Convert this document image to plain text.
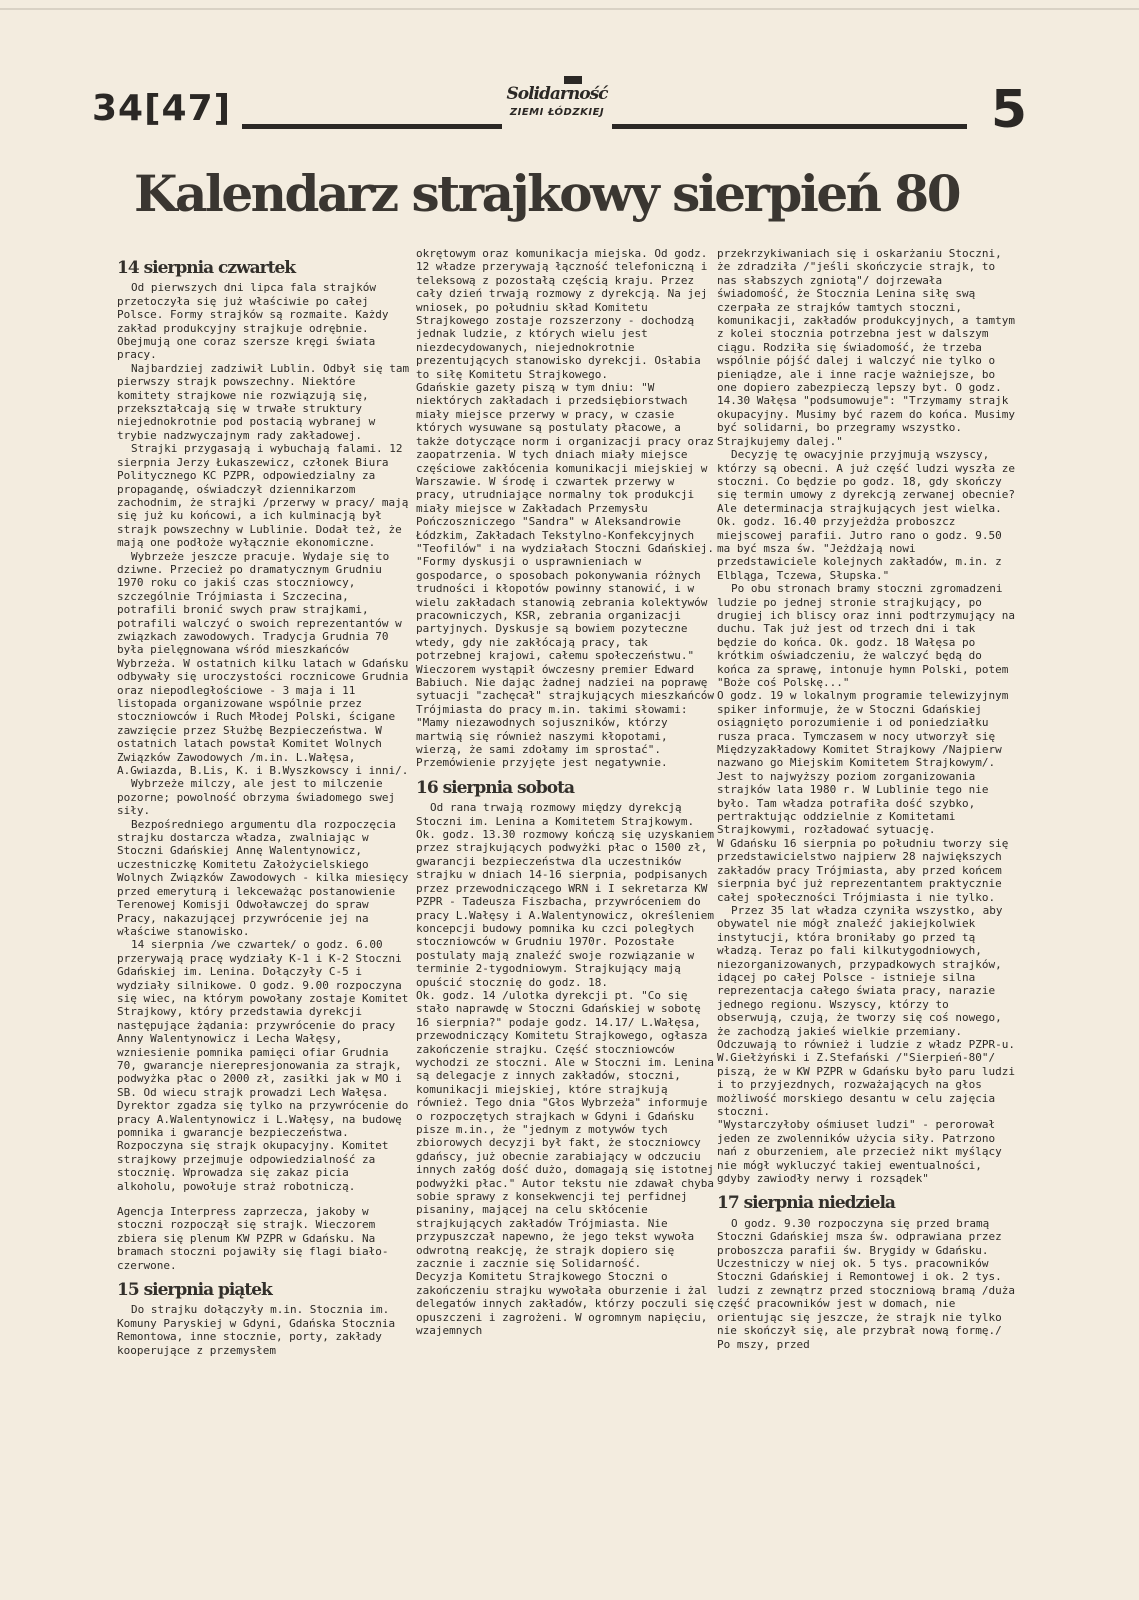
34[47]	Solidarność
ZIEMI ŁÓDZKIEJ	5
Kalendarz strajkowy sierpień 80
14 sierpnia czwartek

Od pierwszych dni lipca fala strajków przetoczyła się już właściwie po całej Polsce. Formy strajków są rozmaite. Każdy zakład produkcyjny strajkuje odrębnie. Obejmują one coraz szersze kręgi świata pracy.

Najbardziej zadziwił Lublin. Odbył się tam pierwszy strajk powszechny. Niektóre komitety strajkowe nie rozwiązują się, przekształcają się w trwałe struktury niejednokrotnie pod postacią wybranej w trybie nadzwyczajnym rady zakładowej.

Strajki przygasają i wybuchają falami. 12 sierpnia Jerzy Łukaszewicz, członek Biura Politycznego KC PZPR, odpowiedzialny za propagandę, oświadczył dziennikarzom zachodnim, że strajki /przerwy w pracy/ mają się już ku końcowi, a ich kulminacją był strajk powszechny w Lublinie. Dodał też, że mają one podłoże wyłącznie ekonomiczne.

Wybrzeże jeszcze pracuje. Wydaje się to dziwne. Przecież po dramatycznym Grudniu 1970 roku co jakiś czas stoczniowcy, szczególnie Trójmiasta i Szczecina, potrafili bronić swych praw strajkami, potrafili walczyć o swoich reprezentantów w związkach zawodowych. Tradycja Grudnia 70 była pielęgnowana wśród mieszkańców Wybrzeża. W ostatnich kilku latach w Gdańsku odbywały się uroczystości rocznicowe Grudnia oraz niepodległościowe - 3 maja i 11 listopada organizowane wspólnie przez stoczniowców i Ruch Młodej Polski, ścigane zawzięcie przez Służbę Bezpieczeństwa. W ostatnich latach powstał Komitet Wolnych Związków Zawodowych /m.in. L.Wałęsa, A.Gwiazda, B.Lis, K. i B.Wyszkowscy i inni/.

Wybrzeże milczy, ale jest to milczenie pozorne; powolność obrzyma świadomego swej siły.

Bezpośredniego argumentu dla rozpoczęcia strajku dostarcza władza, zwalniając w Stoczni Gdańskiej Annę Walentynowicz, uczestniczkę Komitetu Założycielskiego Wolnych Związków Zawodowych - kilka miesięcy przed emeryturą i lekceważąc postanowienie Terenowej Komisji Odwoławczej do spraw Pracy, nakazującej przywrócenie jej na właściwe stanowisko.

14 sierpnia /we czwartek/ o godz. 6.00 przerywają pracę wydziały K-1 i K-2 Stoczni Gdańskiej im. Lenina. Dołączyły C-5 i wydziały silnikowe. O godz. 9.00 rozpoczyna się wiec, na którym powołany zostaje Komitet Strajkowy, który przedstawia dyrekcji następujące żądania: przywrócenie do pracy Anny Walentynowicz i Lecha Wałęsy, wzniesienie pomnika pamięci ofiar Grudnia 70, gwarancje nierepresjonowania za strajk, podwyżka płac o 2000 zł, zasiłki jak w MO i SB. Od wiecu strajk prowadzi Lech Wałęsa. Dyrektor zgadza się tylko na przywrócenie do pracy A.Walentynowicz i L.Wałęsy, na budowę pomnika i gwarancje bezpieczeństwa. Rozpoczyna się strajk okupacyjny. Komitet strajkowy przejmuje odpowiedzialność za stocznię. Wprowadza się zakaz picia alkoholu, powołuje straż robotniczą.

Agencja Interpress zaprzecza, jakoby w stoczni rozpoczął się strajk. Wieczorem zbiera się plenum KW PZPR w Gdańsku. Na bramach stoczni pojawiły się flagi biało-czerwone.

15 sierpnia piątek

Do strajku dołączyły m.in. Stocznia im. Komuny Paryskiej w Gdyni, Gdańska Stocznia Remontowa, inne stocznie, porty, zakłady kooperujące z przemysłem

okrętowym oraz komunikacja miejska. Od godz. 12 władze przerywają łączność telefoniczną i teleksową z pozostałą częścią kraju. Przez cały dzień trwają rozmowy z dyrekcją. Na jej wniosek, po południu skład Komitetu Strajkowego zostaje rozszerzony - dochodzą jednak ludzie, z których wielu jest niezdecydowanych, niejednokrotnie prezentujących stanowisko dyrekcji. Osłabia to siłę Komitetu Strajkowego.

Gdańskie gazety piszą w tym dniu: "W niektórych zakładach i przedsiębiorstwach miały miejsce przerwy w pracy, w czasie których wysuwane są postulaty płacowe, a także dotyczące norm i organizacji pracy oraz zaopatrzenia. W tych dniach miały miejsce częściowe zakłócenia komunikacji miejskiej w Warszawie. W środę i czwartek przerwy w pracy, utrudniające normalny tok produkcji miały miejsce w Zakładach Przemysłu Pończoszniczego "Sandra" w Aleksandrowie Łódzkim, Zakładach Tekstylno-Konfekcyjnych "Teofilów" i na wydziałach Stoczni Gdańskiej. "Formy dyskusji o usprawnieniach w gospodarce, o sposobach pokonywania różnych trudności i kłopotów powinny stanowić, i w wielu zakładach stanowią zebrania kolektywów pracowniczych, KSR, zebrania organizacji partyjnych. Dyskusje są bowiem pozyteczne wtedy, gdy nie zakłócają pracy, tak potrzebnej krajowi, całemu społeczeństwu."

Wieczorem wystąpił ówczesny premier Edward Babiuch. Nie dając żadnej nadziei na poprawę sytuacji "zachęcał" strajkujących mieszkańców Trójmiasta do pracy m.in. takimi słowami: "Mamy niezawodnych sojuszników, którzy martwią się również naszymi kłopotami, wierzą, że sami zdołamy im sprostać". Przemówienie przyjęte jest negatywnie.

16 sierpnia sobota

Od rana trwają rozmowy między dyrekcją Stoczni im. Lenina a Komitetem Strajkowym. Ok. godz. 13.30 rozmowy kończą się uzyskaniem przez strajkujących podwyżki płac o 1500 zł, gwarancji bezpieczeństwa dla uczestników strajku w dniach 14-16 sierpnia, podpisanych przez przewodniczącego WRN i I sekretarza KW PZPR - Tadeusza Fiszbacha, przywróceniem do pracy L.Wałęsy i A.Walentynowicz, określeniem koncepcji budowy pomnika ku czci poległych stoczniowców w Grudniu 1970r. Pozostałe postulaty mają znaleźć swoje rozwiązanie w terminie 2-tygodniowym. Strajkujący mają opuścić stocznię do godz. 18.

Ok. godz. 14 /ulotka dyrekcji pt. "Co się stało naprawdę w Stoczni Gdańskiej w sobotę 16 sierpnia?" podaje godz. 14.17/ L.Wałęsa, przewodniczący Komitetu Strajkowego, ogłasza zakończenie strajku. Część stoczniowców wychodzi ze stoczni. Ale w Stoczni im. Lenina są delegacje z innych zakładów, stoczni, komunikacji miejskiej, które strajkują również. Tego dnia "Głos Wybrzeża" informuje o rozpoczętych strajkach w Gdyni i Gdańsku pisze m.in., że "jednym z motywów tych zbiorowych decyzji był fakt, że stoczniowcy gdańscy, już obecnie zarabiający w odczuciu innych załóg dość dużo, domagają się istotnej podwyżki płac." Autor tekstu nie zdawał chyba sobie sprawy z konsekwencji tej perfidnej pisaniny, mającej na celu skłócenie strajkujących zakładów Trójmiasta. Nie przypuszczał napewno, że jego tekst wywoła odwrotną reakcję, że strajk dopiero się zacznie i zacznie się Solidarność.

Decyzja Komitetu Strajkowego Stoczni o zakończeniu strajku wywołała oburzenie i żal delegatów innych zakładów, którzy poczuli się opuszczeni i zagrożeni. W ogromnym napięciu, wzajemnych

przekrzykiwaniach się i oskarżaniu Stoczni, że zdradziła /"jeśli skończycie strajk, to nas słabszych zgniotą"/ dojrzewała świadomość, że Stocznia Lenina siłę swą czerpała ze strajków tamtych stoczni, komunikacji, zakładów produkcyjnych, a tamtym z kolei stocznia potrzebna jest w dalszym ciągu. Rodziła się świadomość, że trzeba wspólnie pójść dalej i walczyć nie tylko o pieniądze, ale i inne racje ważniejsze, bo one dopiero zabezpieczą lepszy byt. O godz. 14.30 Wałęsa "podsumowuje": "Trzymamy strajk okupacyjny. Musimy być razem do końca. Musimy być solidarni, bo przegramy wszystko. Strajkujemy dalej."

Decyzję tę owacyjnie przyjmują wszyscy, którzy są obecni. A już część ludzi wyszła ze stoczni. Co będzie po godz. 18, gdy skończy się termin umowy z dyrekcją zerwanej obecnie? Ale determinacja strajkujących jest wielka. Ok. godz. 16.40 przyjeżdża proboszcz miejscowej parafii. Jutro rano o godz. 9.50 ma być msza św. "Jeżdżają nowi przedstawiciele kolejnych zakładów, m.in. z Elbląga, Tczewa, Słupska."

Po obu stronach bramy stoczni zgromadzeni ludzie po jednej stronie strajkujący, po drugiej ich bliscy oraz inni podtrzymujący na duchu. Tak już jest od trzech dni i tak będzie do końca. Ok. godz. 18 Wałęsa po krótkim oświadczeniu, że walczyć będą do końca za sprawę, intonuje hymn Polski, potem "Boże coś Polskę..."

O godz. 19 w lokalnym programie telewizyjnym spiker informuje, że w Stoczni Gdańskiej osiągnięto porozumienie i od poniedziałku rusza praca. Tymczasem w nocy utworzył się Międzyzakładowy Komitet Strajkowy /Najpierw nazwano go Miejskim Komitetem Strajkowym/. Jest to najwyższy poziom zorganizowania strajków lata 1980 r. W Lublinie tego nie było. Tam władza potrafiła dość szybko, pertraktując oddzielnie z Komitetami Strajkowymi, rozładować sytuację.

W Gdańsku 16 sierpnia po południu tworzy się przedstawicielstwo najpierw 28 największych zakładów pracy Trójmiasta, aby przed końcem sierpnia być już reprezentantem praktycznie całej społeczności Trójmiasta i nie tylko.

Przez 35 lat władza czyniła wszystko, aby obywatel nie mógł znaleźć jakiejkolwiek instytucji, która broniłaby go przed tą władzą. Teraz po fali kilkutygodniowych, niezorganizowanych, przypadkowych strajków, idącej po całej Polsce - istnieje silna reprezentacja całego świata pracy, narazie jednego regionu. Wszyscy, którzy to obserwują, czują, że tworzy się coś nowego, że zachodzą jakieś wielkie przemiany. Odczuwają to również i ludzie z władz PZPR-u. W.Giełżyński i Z.Stefański /"Sierpień-80"/ piszą, że w KW PZPR w Gdańsku było paru ludzi i to przyjezdnych, rozważających na głos możliwość morskiego desantu w celu zajęcia stoczni.

"Wystarczyłoby ośmiuset ludzi" - perorował jeden ze zwolenników użycia siły. Patrzono nań z oburzeniem, ale przecież nikt myślący nie mógł wykluczyć takiej ewentualności, gdyby zawiodły nerwy i rozsądek"

17 sierpnia niedziela

O godz. 9.30 rozpoczyna się przed bramą Stoczni Gdańskiej msza św. odprawiana przez proboszcza parafii św. Brygidy w Gdańsku. Uczestniczy w niej ok. 5 tys. pracowników Stoczni Gdańskiej i Remontowej i ok. 2 tys. ludzi z zewnątrz przed stoczniową bramą /duża część pracowników jest w domach, nie orientując się jeszcze, że strajk nie tylko nie skończył się, ale przybrał nową formę./ Po mszy, przed
